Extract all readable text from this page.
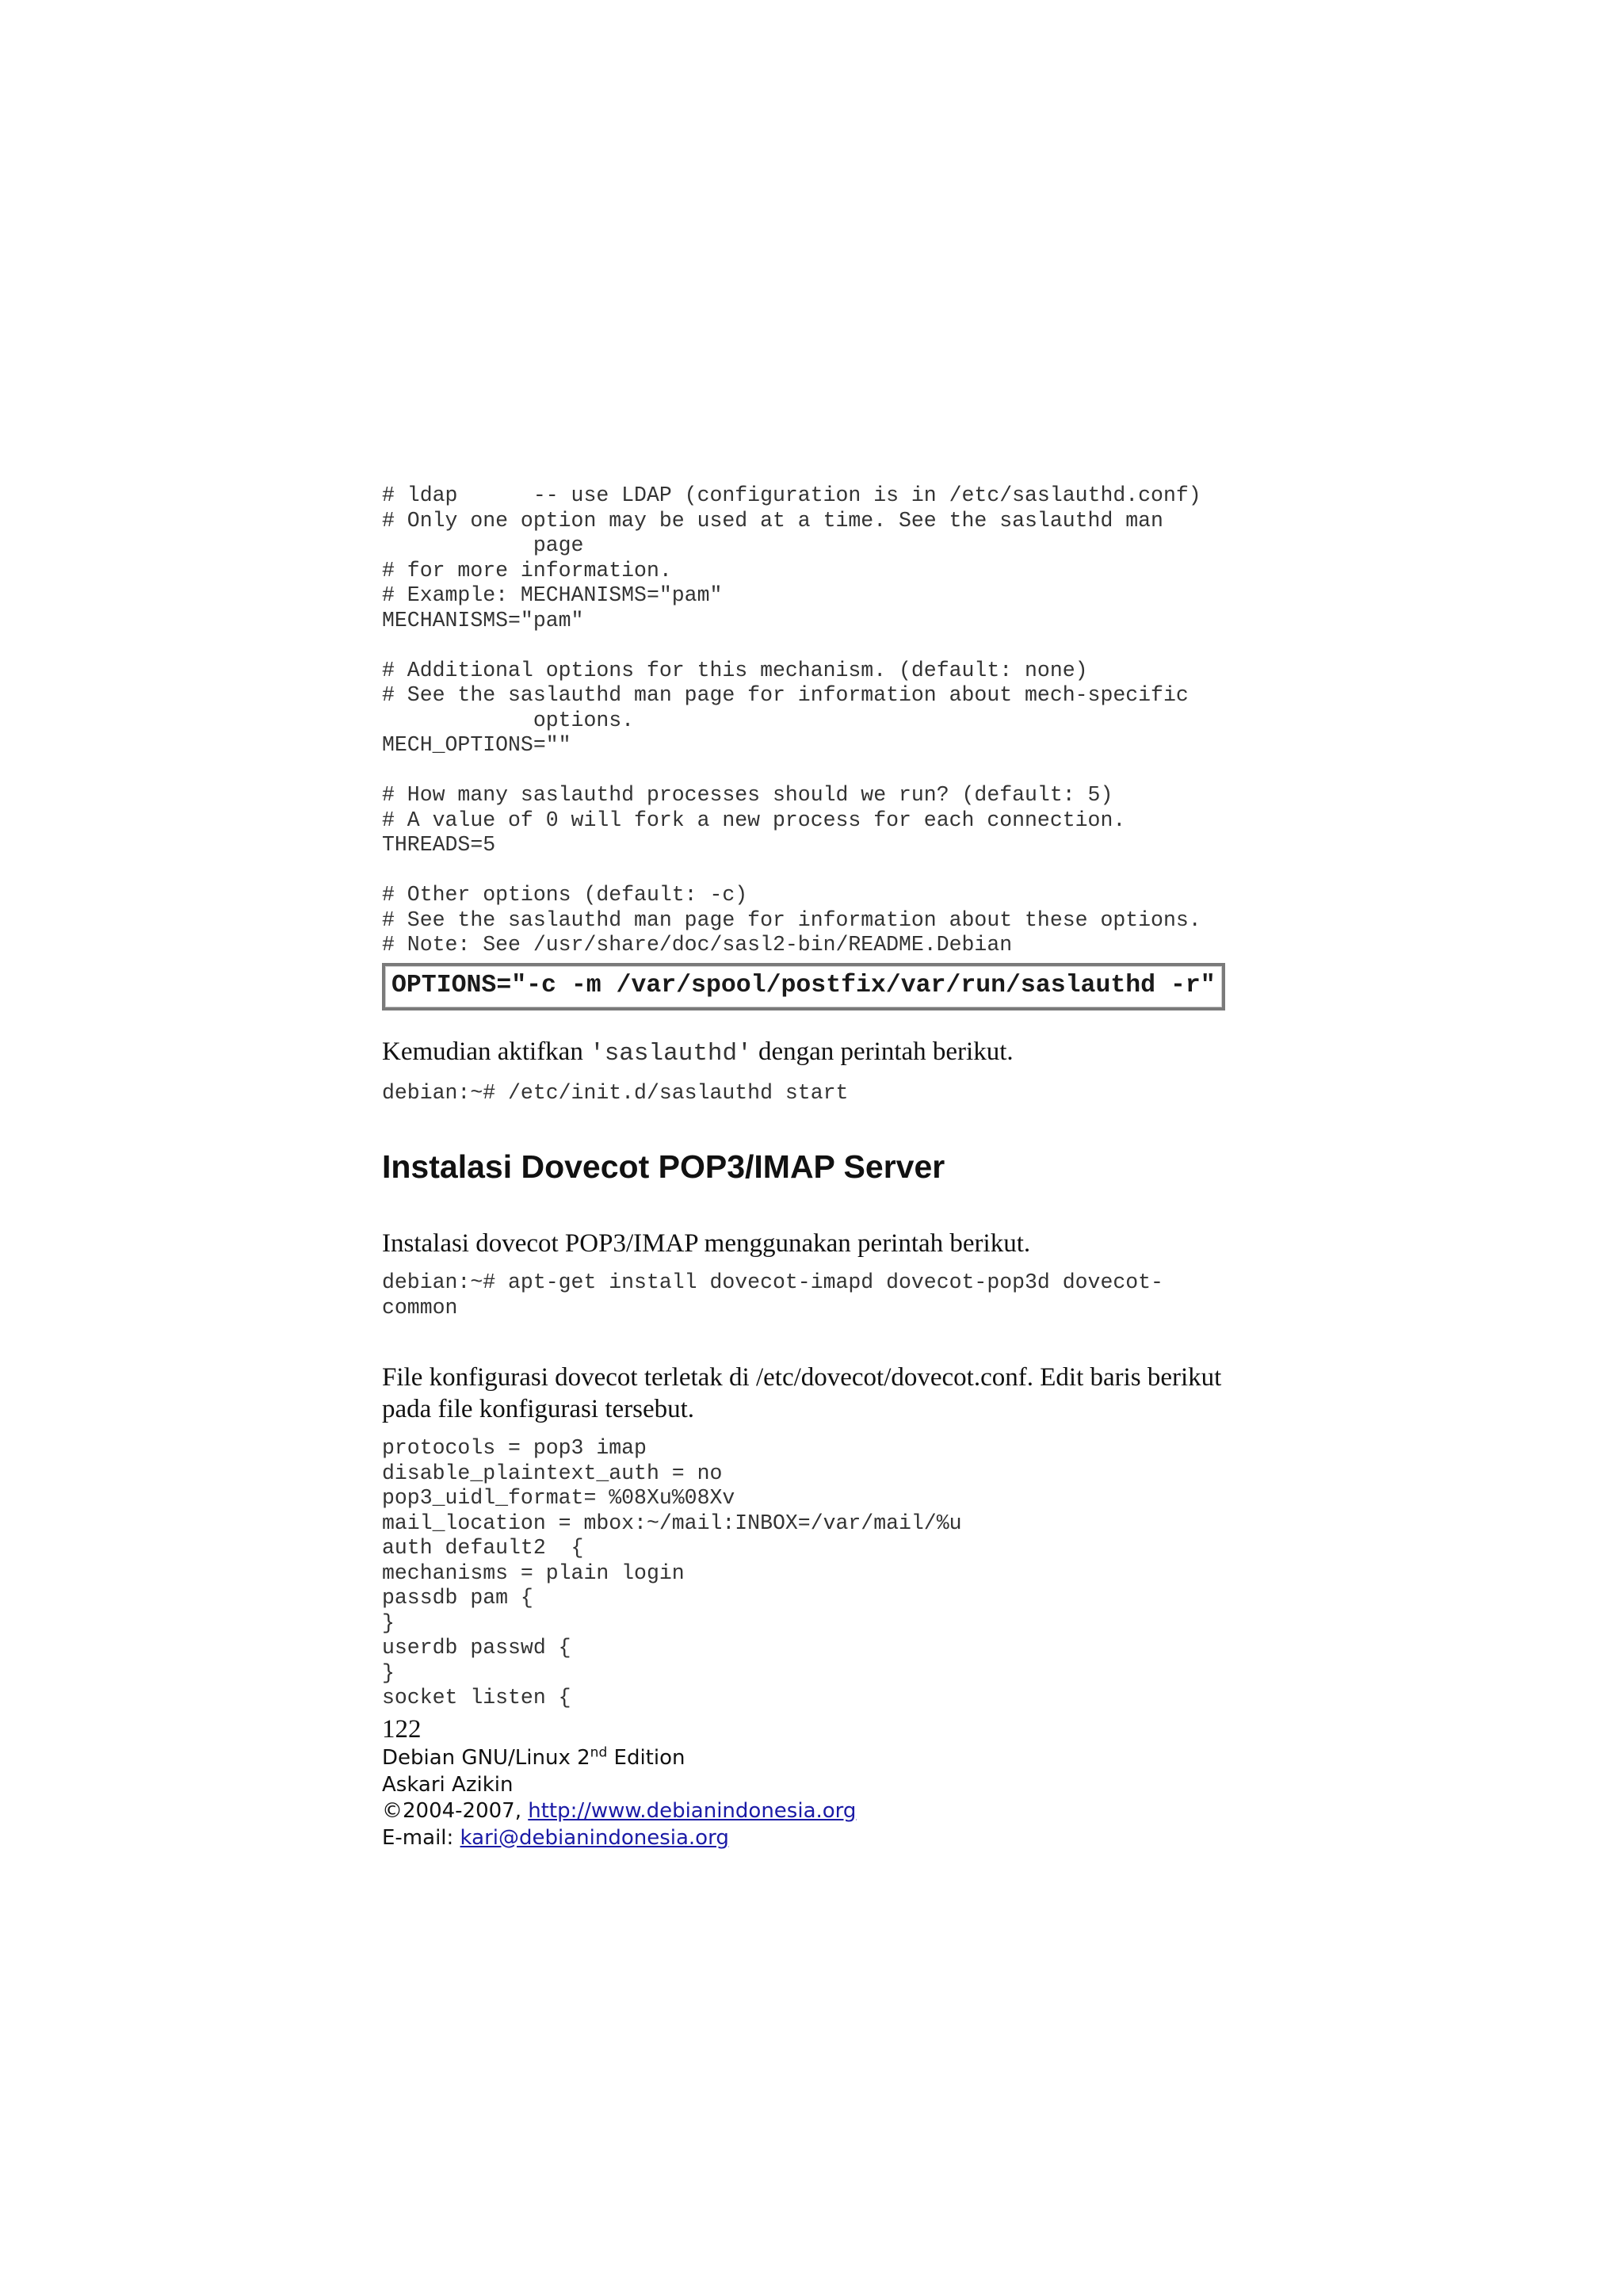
# ldap      -- use LDAP (configuration is in /etc/saslauthd.conf)
# Only one option may be used at a time. See the saslauthd man
page
# for more information.
# Example: MECHANISMS="pam"
MECHANISMS="pam"

# Additional options for this mechanism. (default: none)
# See the saslauthd man page for information about mech-specific
options.
MECH_OPTIONS=""

# How many saslauthd processes should we run? (default: 5)
# A value of 0 will fork a new process for each connection.
THREADS=5

# Other options (default: -c)
# See the saslauthd man page for information about these options.
# Note: See /usr/share/doc/sasl2-bin/README.Debian
OPTIONS="-c -m /var/spool/postfix/var/run/saslauthd -r"

Kemudian aktifkan 'saslauthd' dengan perintah berikut.

debian:~# /etc/init.d/saslauthd start
Instalasi Dovecot POP3/IMAP Server

Instalasi dovecot POP3/IMAP menggunakan perintah berikut.

debian:~# apt-get install dovecot-imapd dovecot-pop3d dovecot-
common

File konfigurasi dovecot terletak di /etc/dovecot/dovecot.conf. Edit baris berikut
pada file konfigurasi tersebut.

protocols = pop3 imap
disable_plaintext_auth = no
pop3_uidl_format= %08Xu%08Xv
mail_location = mbox:~/mail:INBOX=/var/mail/%u
auth default2  {
mechanisms = plain login
passdb pam {
}
userdb passwd {
}
socket listen {
122
Debian GNU/Linux 2nd Edition
Askari Azikin
©2004-2007, http://www.debianindonesia.org
E-mail: kari@debianindonesia.org
